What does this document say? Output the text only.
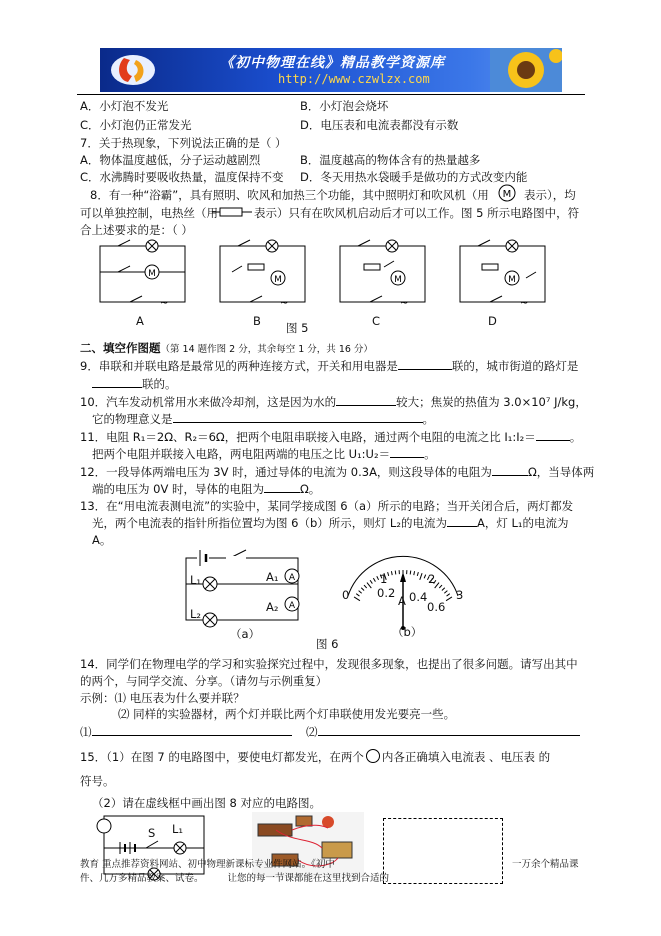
《初中物理在线》精品教学资源库
http://www.czwlzx.com
A．小灯泡不发光	B．小灯泡会烧坏
C．小灯泡仍正常发光	D．电压表和电流表都没有示数
7．关于热现象，下列说法正确的是（ ）
A．物体温度越低，分子运动越剧烈	B．温度越高的物体含有的热量越多
C．水沸腾时要吸收热量，温度保持不变 D．冬天用热水袋暖手是做功的方式改变内能
8．有一种“浴霸”，具有照明、吹风和加热三个功能，其中照明灯和吹风机（用 M 表示），均
可以单独控制，电热丝（用	表示）只有在吹风机启动后才可以工作。图 5 所示电路图中，符
合上述要求的是：（ ）
M
~
M
~
M
~
M
~
A	B	C	D
图 5
二、填空作图题（第 14 题作图 2 分，其余每空 1 分，共 16 分）
9．串联和并联电路是最常见的两种连接方式，开关和用电器是	联的，城市街道的路灯是
联的。
10．汽车发动机常用水来做冷却剂，这是因为水的	较大；焦炭的热值为 3.0×10⁷ J/kg，
它的物理意义是	。
11．电阻 R₁＝2Ω、R₂＝6Ω，把两个电阻串联接入电路，通过两个电阻的电流之比 I₁:I₂＝	。
把两个电阻并联接入电路，两电阻两端的电压之比 U₁:U₂＝	。
12．一段导体两端电压为 3V 时，通过导体的电流为 0.3A，则这段导体的电阻为	Ω，当导体两
端的电压为 0V 时，导体的电阻为	Ω。
13．在“用电流表测电流”的实验中，某同学接成图 6（a）所示的电路；当开关闭合后，两灯都发
光，两个电流表的指针所指位置均为图 6（b）所示，则灯 L₂的电流为	A，灯 L₁的电流为
A。
A
A
L₁
L₂
A₁
A₂
（a）
0 0.2 0.4
0.6
1	2
3
A
（b）
图 6
14．同学们在物理电学的学习和实验探究过程中，发现很多现象，也提出了很多问题。请写出其中
的两个，与同学交流、分享。（请勿与示例重复）
示例：⑴ 电压表为什么要并联？
⑵ 同样的实验器材，两个灯并联比两个灯串联使用发光要亮一些。
⑴	⑵
15．（1）在图 7 的电路图中，要使电灯都发光，在两个 内各正确填入电流表 、电压表 的
符号。
（2）请在虚线框中画出图 8 对应的电路图。
S L₁
教育 重点推荐资料网站、初中物理新课标专业件网站。《初中	一万余个精品课
件、几万多精品教案、试卷。	让您的每一节课都能在这里找到合适的
